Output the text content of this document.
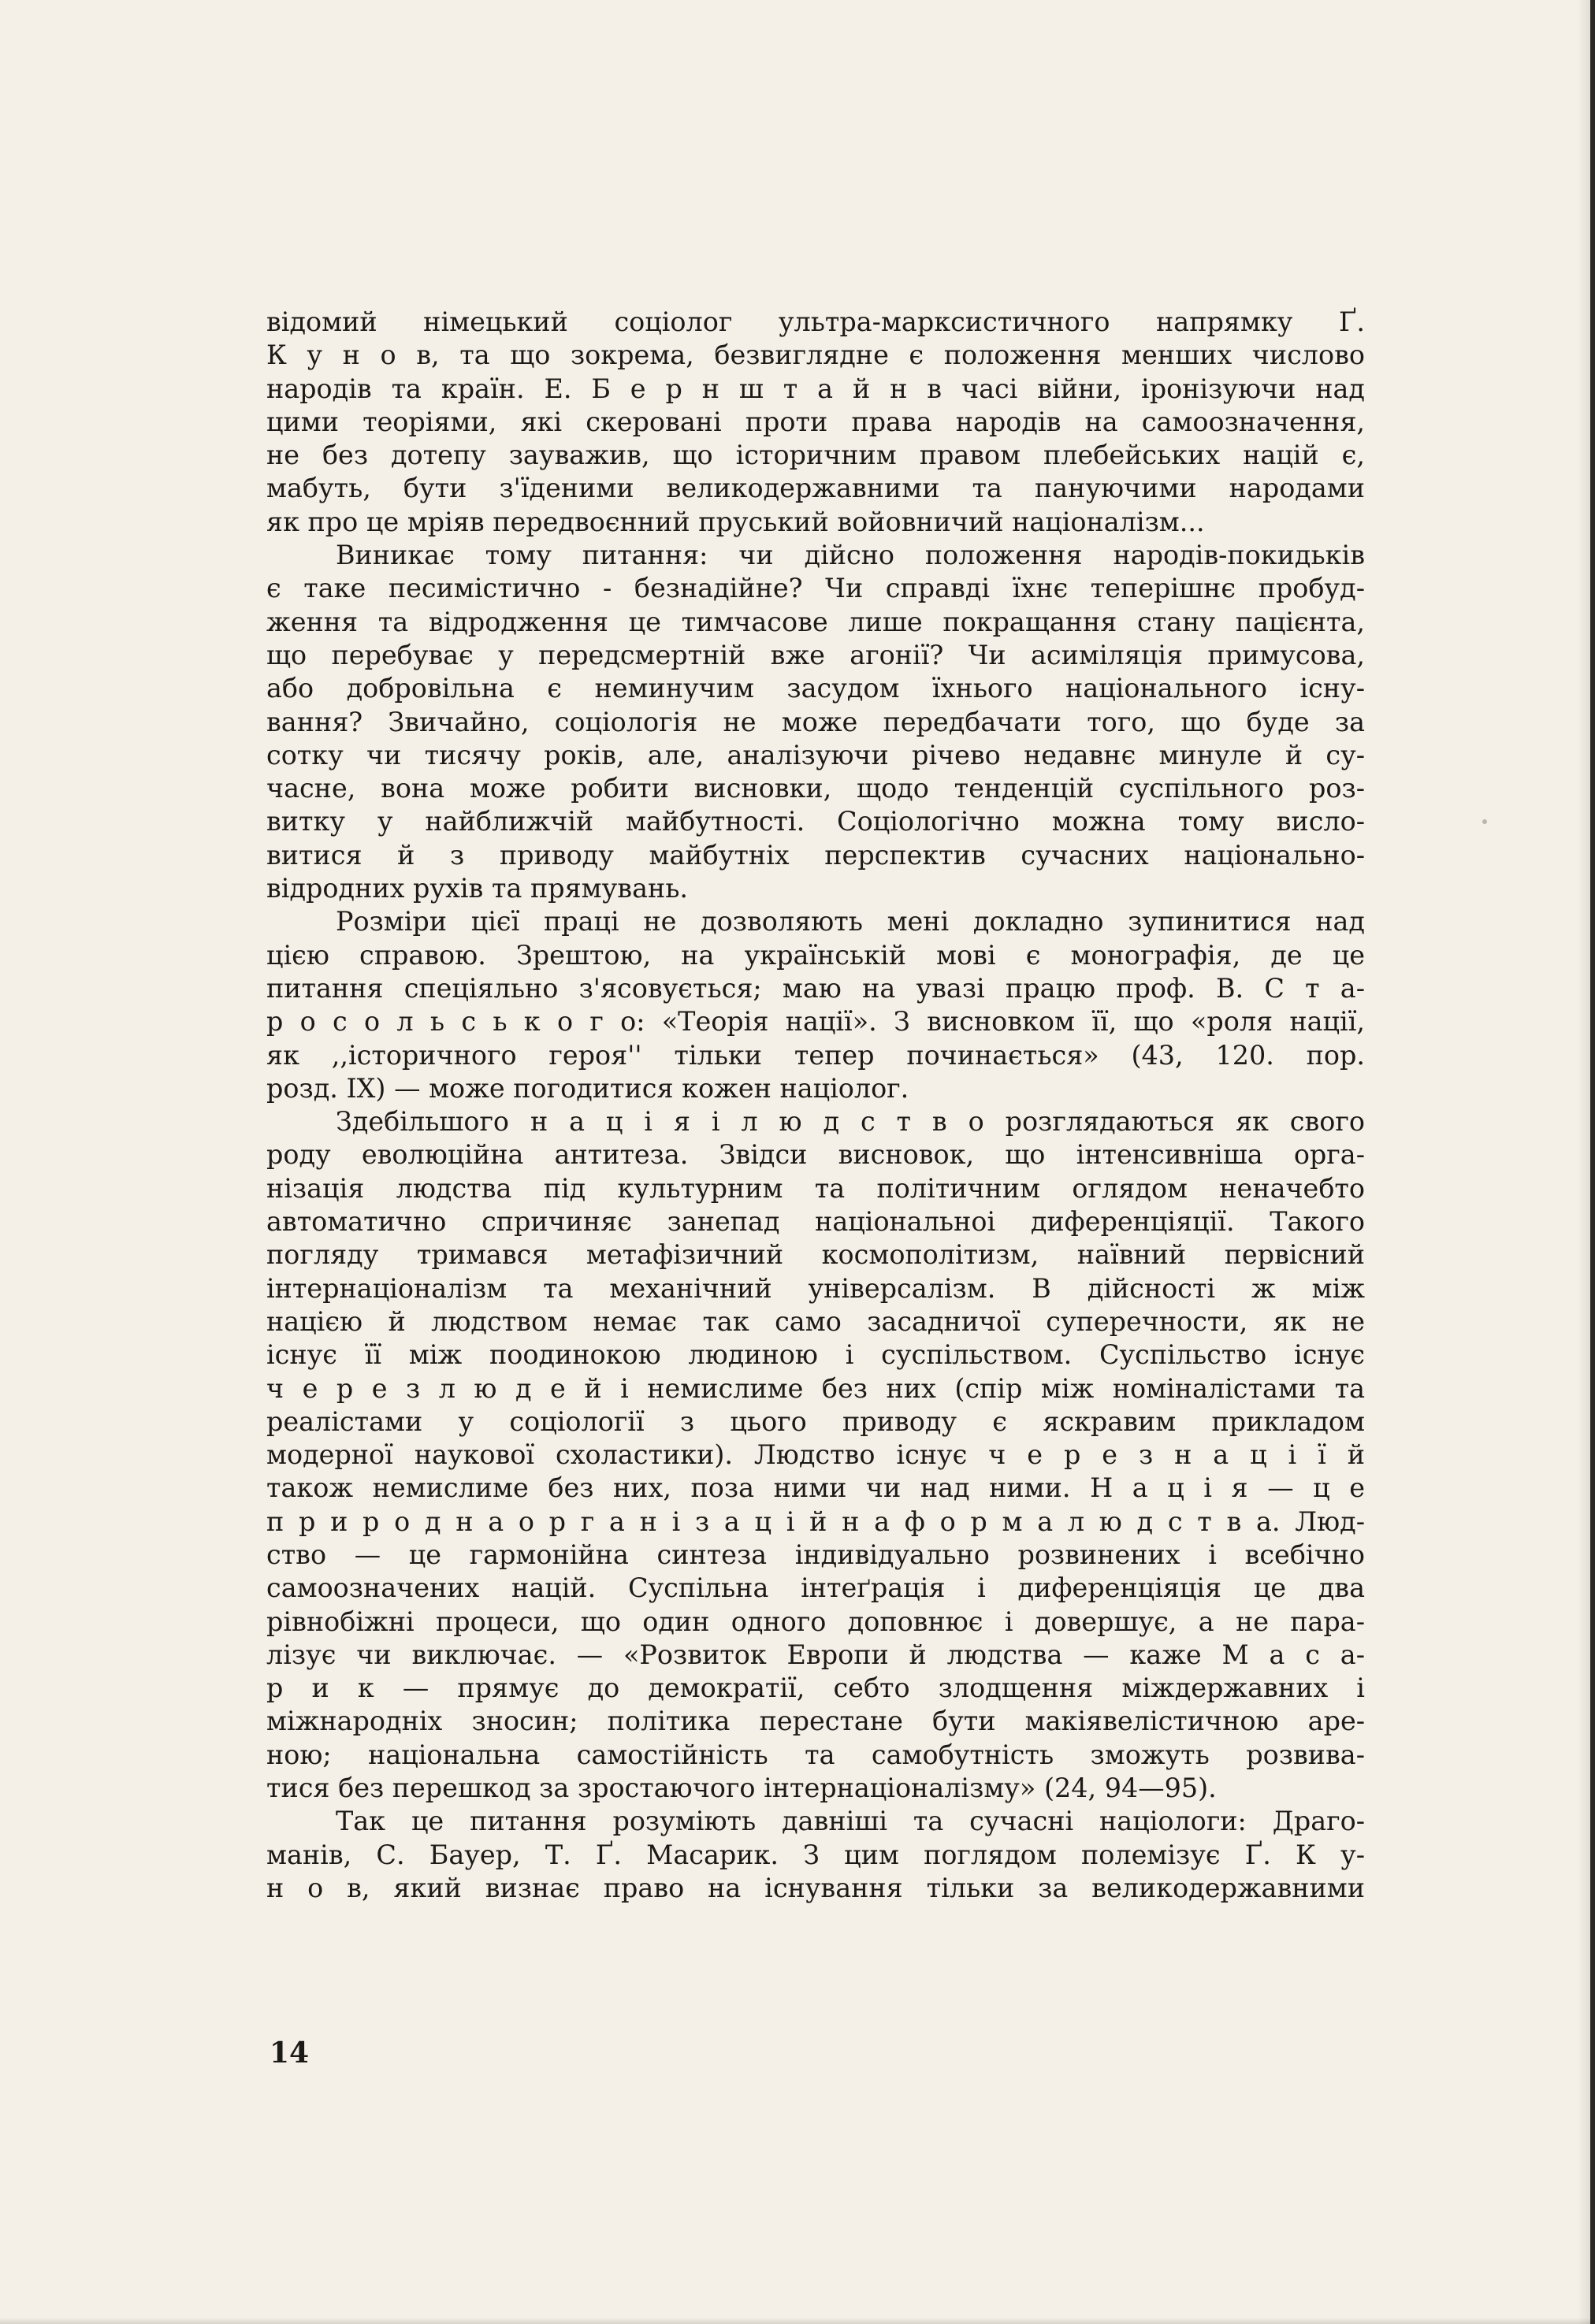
відомий німецький соціолог ультра-марксистичного напрямку Ґ.
К у н о в, та що зокрема, безвиглядне є положення менших числово
народів та країн. Е. Б е р н ш т а й н в часі війни, іронізуючи над
цими теоріями, які скеровані проти права народів на самоозначення,
не без дотепу зауважив, що історичним правом плебейських націй є,
мабуть, бути з'їденими великодержавними та пануючими народами
як про це мріяв передвоєнний пруський войовничий націоналізм...
Виникає тому питання: чи дійсно положення народів-покидьків
є таке песимістично - безнадійне? Чи справді їхнє теперішнє пробуд-
ження та відродження це тимчасове лише покращання стану пацієнта,
що перебуває у передсмертній вже агонії? Чи асиміляція примусова,
або добровільна є неминучим засудом їхнього національного існу-
вання? Звичайно, соціологія не може передбачати того, що буде за
сотку чи тисячу років, але, аналізуючи річево недавнє минуле й су-
часне, вона може робити висновки, щодо тенденцій суспільного роз-
витку у найближчій майбутності. Соціологічно можна тому висло-
витися й з приводу майбутніх перспектив сучасних національно-
відродних рухів та прямувань.
Розміри цієї праці не дозволяють мені докладно зупинитися над
цією справою. Зрештою, на українській мові є монографія, де це
питання спеціяльно з'ясовується; маю на увазі працю проф. В. С т а-
р о с о л ь с ь к о г о: «Теорія нації». З висновком її, що «роля нації,
як ,,історичного героя'' тільки тепер починається» (43, 120. пор.
розд. IX) — може погодитися кожен націолог.
Здебільшого н а ц і я і л ю д с т в о розглядаються як свого
роду еволюційна антитеза. Звідси висновок, що інтенсивніша орга-
нізація людства під культурним та політичним оглядом неначебто
автоматично спричиняє занепад національноі диференціяції. Такого
погляду тримався метафізичний космополітизм, наївний первісний
інтернаціоналізм та механічний універсалізм. В дійсності ж між
нацією й людством немає так само засадничої суперечности, як не
існує її між поодинокою людиною і суспільством. Суспільство існує
ч е р е з л ю д е й і немислиме без них (спір між номіналістами та
реалістами у соціології з цього приводу є яскравим прикладом
модерної наукової схоластики). Людство існує ч е р е з н а ц і ї й
також немислиме без них, поза ними чи над ними. Н а ц і я — ц е
п р и р о д н а о р г а н і з а ц і й н а ф о р м а л ю д с т в а. Люд-
ство — це гармонійна синтеза індивідуально розвинених і всебічно
самоозначених націй. Суспільна інтеґрація і диференціяція це два
рівнобіжні процеси, що один одного доповнює і довершує, а не пара-
лізує чи виключає. — «Розвиток Европи й людства — каже М а с а-
р и к — прямує до демократії, себто злодщення міждержавних і
міжнародніх зносин; політика перестане бути макіявелістичною аре-
ною; національна самостійність та самобутність зможуть розвива-
тися без перешкод за зростаючого інтернаціоналізму» (24, 94—95).
Так це питання розуміють давніші та сучасні націологи: Драго-
манів, С. Бауер, Т. Ґ. Масарик. З цим поглядом полемізує Ґ. К у-
н о в, який визнає право на існування тільки за великодержавними
14
